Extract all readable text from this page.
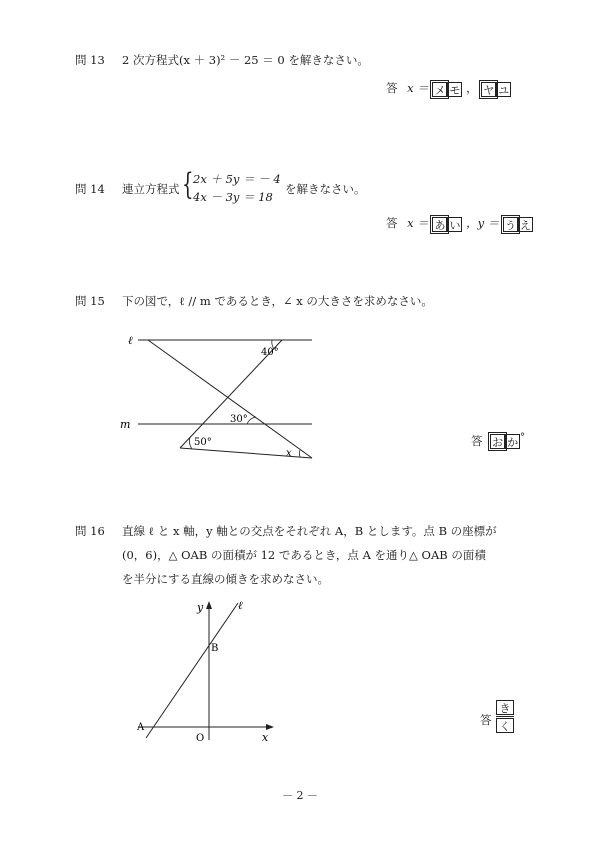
問 13 2 次方程式(x ＋ 3)² － 25 ＝ 0 を解きなさい。
答 x ＝ メ モ ， ヤ ユ
問 14 連立方程式 { 2x ＋ 5y ＝ － 4
4x － 3y ＝ 18
を解きなさい。
答 x ＝ あ い ，y ＝ う え
問 15 下の図で，ℓ // m であるとき，∠ x の大きさを求めなさい。
ℓ
m
40°
30°
50°
x
答 お か °
問 16 直線 ℓ と x 軸，y 軸との交点をそれぞれ A，B とします。点 B の座標が
(0，6)，△ OAB の面積が 12 であるとき，点 A を通り△ OAB の面積
を半分にする直線の傾きを求めなさい。
y	ℓ
B
A
O	x
答
き
く
－ 2 －
